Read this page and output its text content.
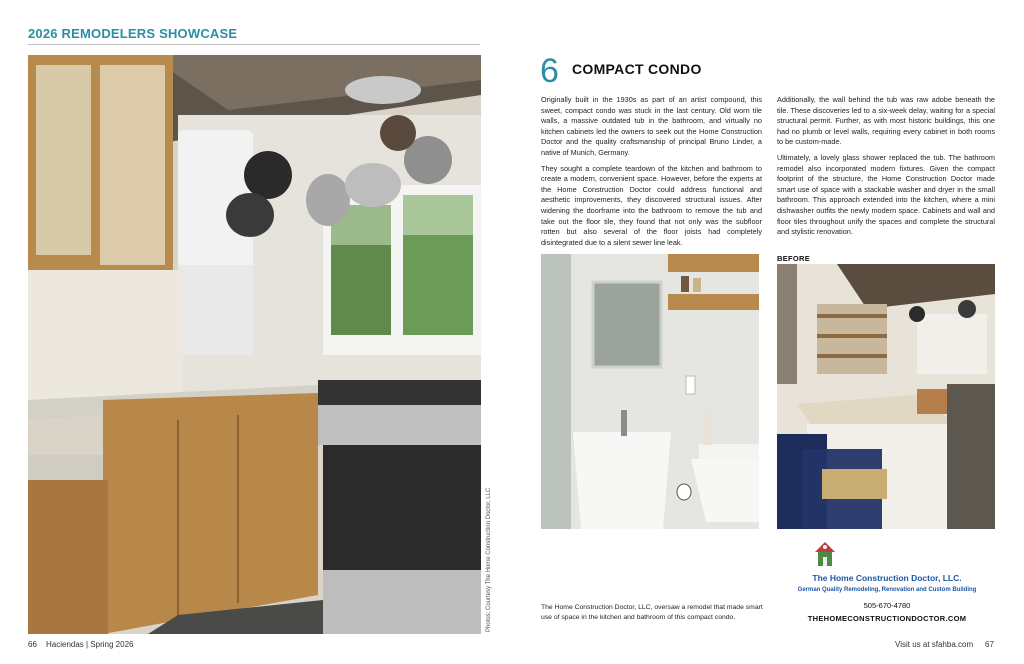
2026 REMODELERS SHOWCASE
Photos: Courtesy The Home Construction Doctor, LLC
6 COMPACT CONDO

Originally built in the 1930s as part of an artist compound, this sweet, compact condo was stuck in the last century. Old worn tile walls, a massive outdated tub in the bathroom, and virtually no kitchen cabinets led the owners to seek out the Home Construction Doctor and the quality craftsmanship of principal Bruno Linder, a native of Munich, Germany.

They sought a complete teardown of the kitchen and bathroom to create a modern, convenient space. However, before the experts at the Home Construction Doctor could address functional and aesthetic improvements, they discovered structural issues. After widening the doorframe into the bathroom to remove the tub and take out the floor tile, they found that not only was the subfloor rotten but also several of the floor joists had completely disintegrated due to a silent sewer line leak.

Additionally, the wall behind the tub was raw adobe beneath the tile. These discoveries led to a six-week delay, waiting for a special structural permit. Further, as with most historic buildings, this one had no plumb or level walls, requiring every cabinet in both rooms to be custom-made.

Ultimately, a lovely glass shower replaced the tub. The bathroom remodel also incorporated modern fixtures. Given the compact footprint of the structure, the Home Construction Doctor made smart use of space with a stackable washer and dryer in the small bathroom. This approach extended into the kitchen, where a mini dishwasher outfits the newly modern space. Cabinets and wall and floor tiles throughout unify the spaces and complete the structural and stylistic renovation.

The Home Construction Doctor, LLC, oversaw a remodel that made smart use of space in the kitchen and bathroom of this compact condo.
BEFORE
The Home Construction Doctor, LLC.
German Quality Remodeling, Renovation and Custom Building
505-670-4780
THEHOMECONSTRUCTIONDOCTOR.COM
66 Haciendas | Spring 2026	Visit us at sfahba.com 67
